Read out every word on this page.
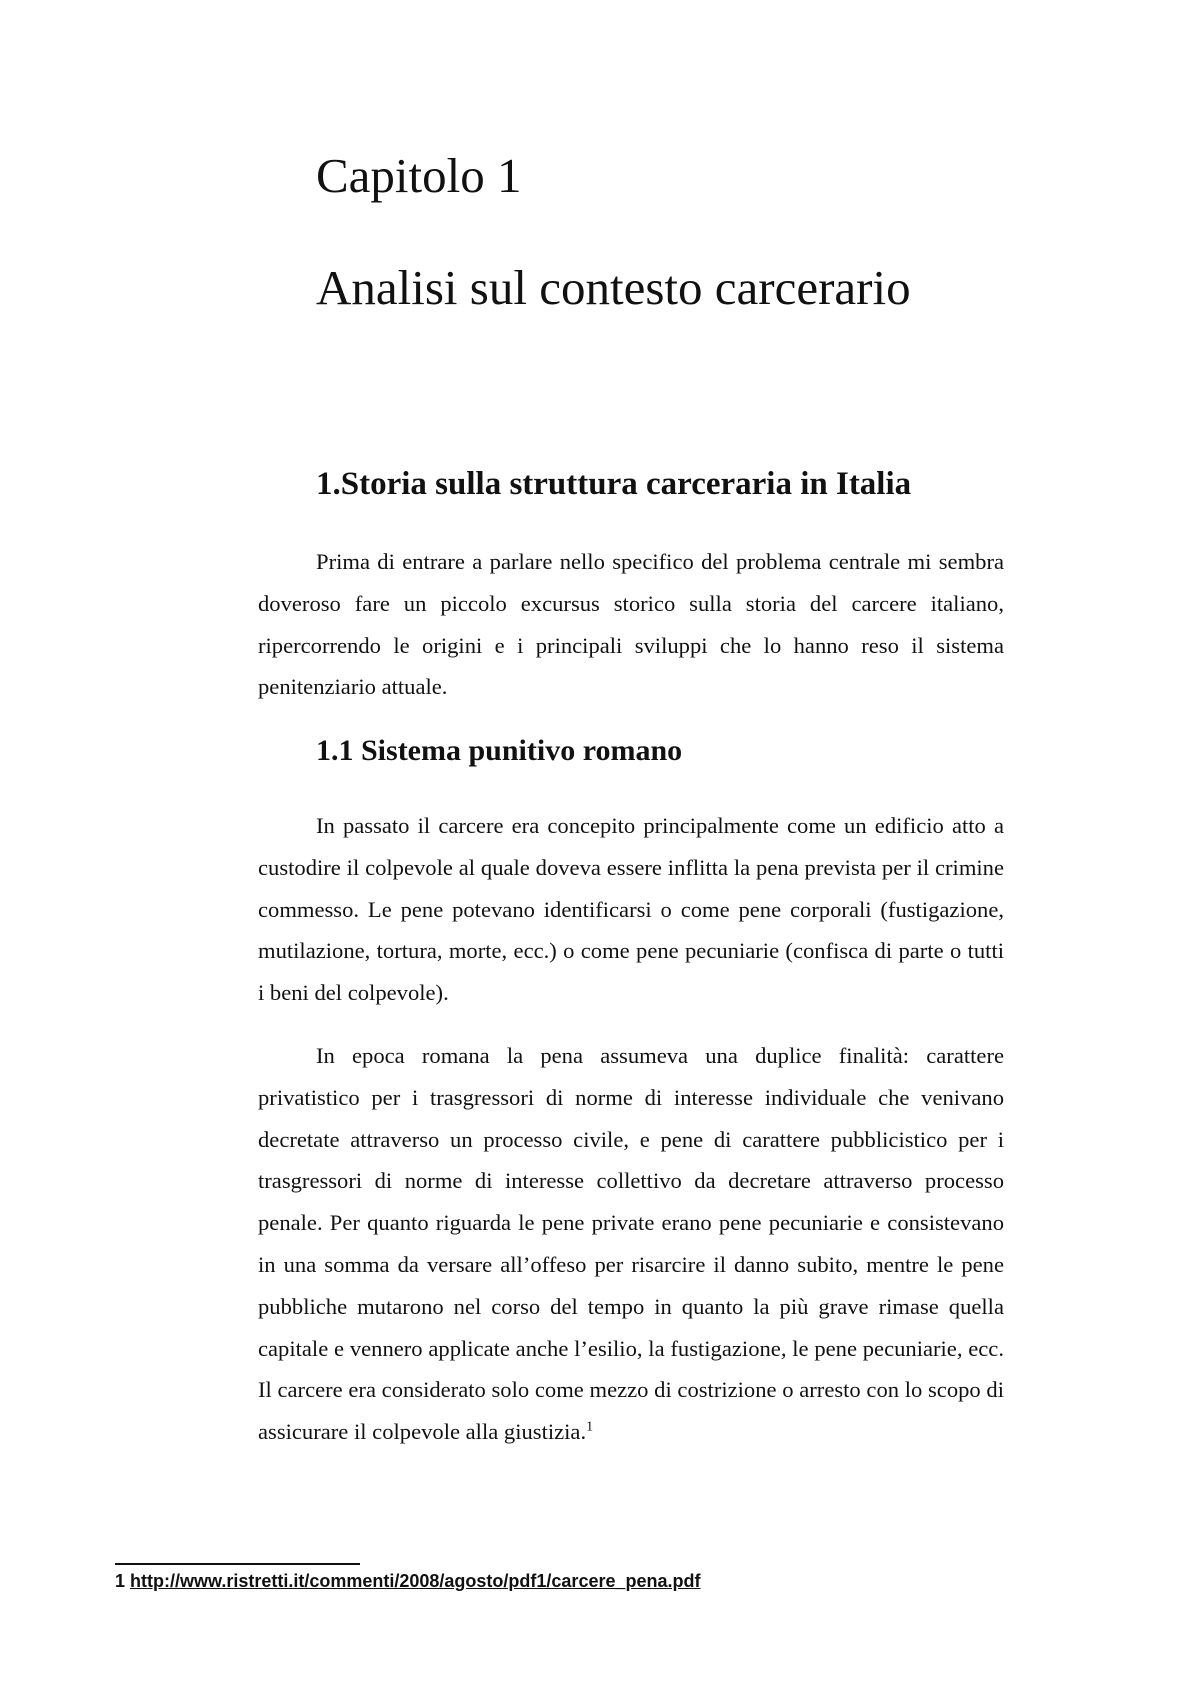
Capitolo 1
Analisi sul contesto carcerario
1.Storia sulla struttura carceraria in Italia

Prima di entrare a parlare nello specifico del problema centrale mi sembra doveroso fare un piccolo excursus storico sulla storia del carcere italiano, ripercorrendo le origini e i principali sviluppi che lo hanno reso il sistema penitenziario attuale.

1.1 Sistema punitivo romano

In passato il carcere era concepito principalmente come un edificio atto a custodire il colpevole al quale doveva essere inflitta la pena prevista per il crimine commesso. Le pene potevano identificarsi o come pene corporali (fustigazione, mutilazione, tortura, morte, ecc.) o come pene pecuniarie (confisca di parte o tutti i beni del colpevole).

In epoca romana la pena assumeva una duplice finalità: carattere privatistico per i trasgressori di norme di interesse individuale che venivano decretate attraverso un processo civile, e pene di carattere pubblicistico per i trasgressori di norme di interesse collettivo da decretare attraverso processo penale. Per quanto riguarda le pene private erano pene pecuniarie e consistevano in una somma da versare all’offeso per risarcire il danno subito, mentre le pene pubbliche mutarono nel corso del tempo in quanto la più grave rimase quella capitale e vennero applicate anche l’esilio, la fustigazione, le pene pecuniarie, ecc. Il carcere era considerato solo come mezzo di costrizione o arresto con lo scopo di assicurare il colpevole alla giustizia.$^1$

1 http://www.ristretti.it/commenti/2008/agosto/pdf1/carcere_pena.pdf
